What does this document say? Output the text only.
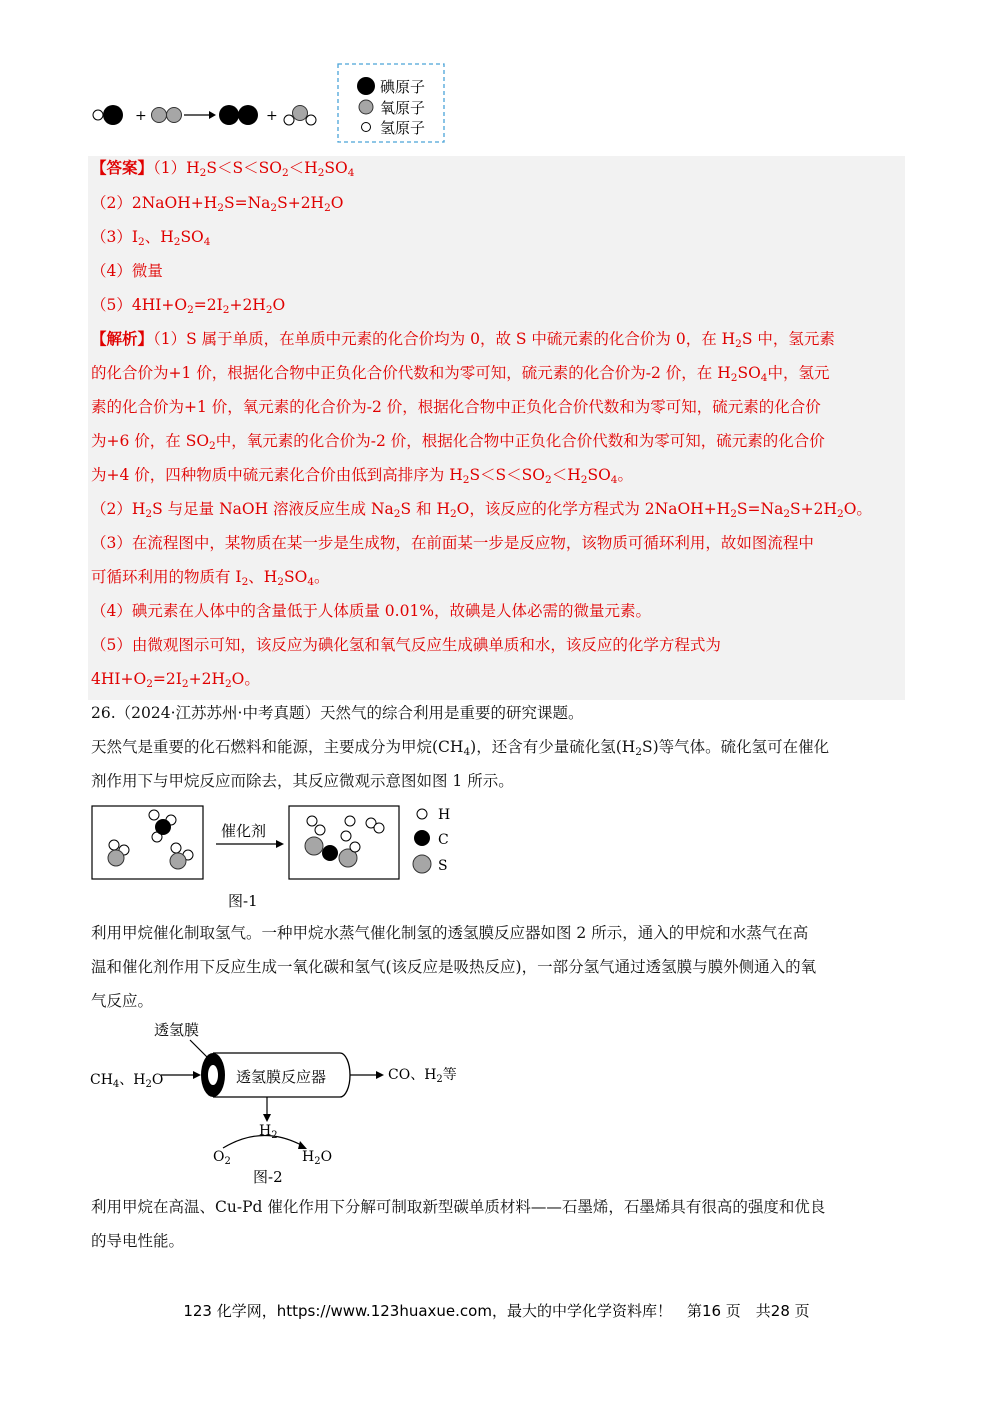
+	+
碘原子
氧原子
氢原子
【答案】$(1)H_2S<S<SO_2<H_2SO_4$
$(2)2NaOH+H_2S=Na_2S+2H_2O$
$(3)I_2$、$H_2SO_4$
（4）微量
$(5)4HI+O_2=2I_2+2H_2O$
【解析】（1）S 属于单质，在单质中元素的化合价均为 0，故 S 中硫元素的化合价为 0，在 $H_2S$ 中，氢元素
的化合价为+1 价，根据化合物中正负化合价代数和为零可知，硫元素的化合价为-2 价，在 $H_2SO_4$中，氢元
素的化合价为+1 价，氧元素的化合价为-2 价，根据化合物中正负化合价代数和为零可知，硫元素的化合价
为+6 价，在 $SO_2$中，氧元素的化合价为-2 价，根据化合物中正负化合价代数和为零可知，硫元素的化合价
为+4 价，四种物质中硫元素化合价由低到高排序为 $H_2S<S<SO_2<H_2SO_4$。
$(2)H_2S$ 与足量 NaOH 溶液反应生成 $Na_2S$ 和 $H_2O$，该反应的化学方程式为 $2NaOH+H_2S=Na_2S+2H_2O$。
（3）在流程图中，某物质在某一步是生成物，在前面某一步是反应物，该物质可循环利用，故如图流程中
可循环利用的物质有 $I_2$、$H_2SO_4$。
（4）碘元素在人体中的含量低于人体质量 0.01%，故碘是人体必需的微量元素。
（5）由微观图示可知，该反应为碘化氢和氧气反应生成碘单质和水，该反应的化学方程式为
$4HI+O_2=2I_2+2H_2O$。
26.（2024·江苏苏州·中考真题）天然气的综合利用是重要的研究课题。
天然气是重要的化石燃料和能源，主要成分为甲烷$(CH_4)$，还含有少量硫化氢$(H_2S)$等气体。硫化氢可在催化
剂作用下与甲烷反应而除去，其反应微观示意图如图 1 所示。
催化剂
H
C
S
图-1
利用甲烷催化制取氢气。一种甲烷水蒸气催化制氢的透氢膜反应器如图 2 所示，通入的甲烷和水蒸气在高
温和催化剂作用下反应生成一氧化碳和氢气(该反应是吸热反应)，一部分氢气通过透氢膜与膜外侧通入的氧
气反应。
透氢膜
$CH_4$、$H_2O$	透氢膜反应器	CO、$H_2$等
$H_2$
$O_2$	$H_2O$
图-2
利用甲烷在高温、Cu-Pd 催化作用下分解可制取新型碳单质材料——石墨烯，石墨烯具有很高的强度和优良
的导电性能。
123 化学网，https://www.123huaxue.com，最大的中学化学资料库！　第16 页　共28 页
